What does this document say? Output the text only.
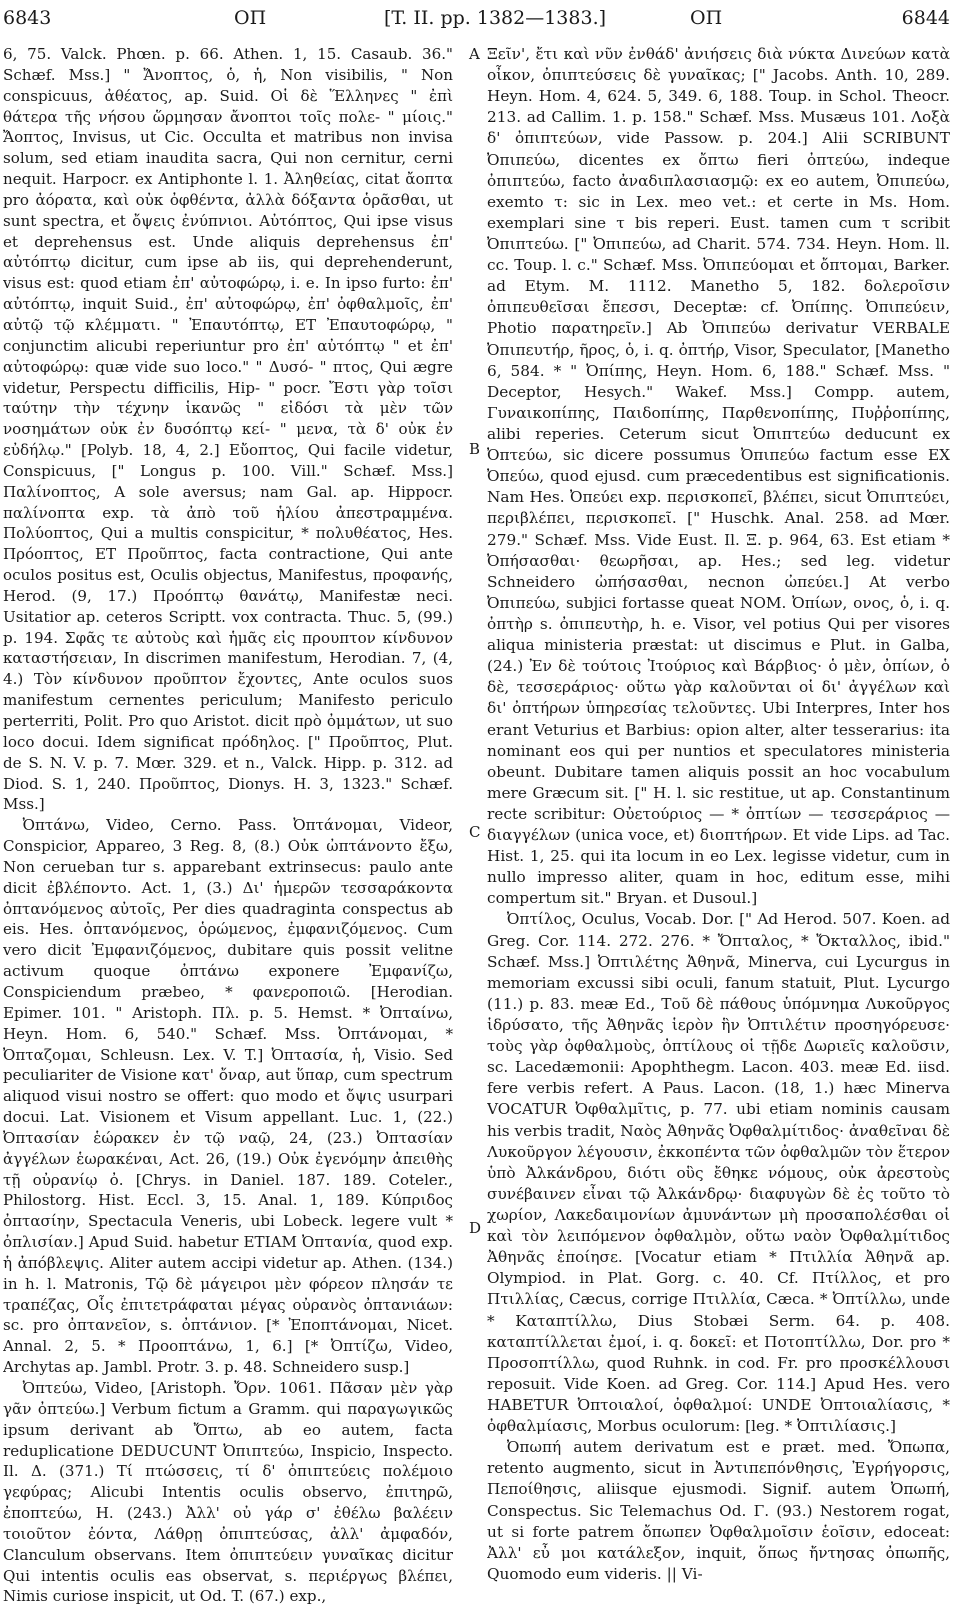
6843	ΟΠ	[T. II. pp. 1382—1383.]	ΟΠ	6844

6, 75. Valck. Phœn. p. 66. Athen. 1, 15. Casaub. 36." Schæf. Mss.] " Ἄνοπτος, ὁ, ἡ, Non visibilis, " Non conspicuus, ἀθέατος, ap. Suid. Οἱ δὲ Ἕλληνες " ἐπὶ θάτερα τῆς νήσου ὥρμησαν ἄνοπτοι τοῖς πολε- " μίοις." Ἄοπτος, Invisus, ut Cic. Occulta et matribus non invisa solum, sed etiam inaudita sacra, Qui non cernitur, cerni nequit. Harpocr. ex Antiphonte l. 1. Ἀληθείας, citat ἄοπτα pro ἀόρατα, καὶ οὐκ ὀφθέντα, ἀλλὰ δόξαντα ὁρᾶσθαι, ut sunt spectra, et ὄψεις ἐνύπνιοι. Αὐτόπτος, Qui ipse visus et deprehensus est. Unde aliquis deprehensus ἐπ' αὐτόπτῳ dicitur, cum ipse ab iis, qui deprehenderunt, visus est: quod etiam ἐπ' αὐτοφώρῳ, i. e. In ipso furto: ἐπ' αὐτόπτῳ, inquit Suid., ἐπ' αὐτοφώρῳ, ἐπ' ὀφθαλμοῖς, ἐπ' αὐτῷ τῷ κλέμματι. " Ἐπαυτόπτῳ, ET Ἐπαυτοφώρῳ, " conjunctim alicubi reperiuntur pro ἐπ' αὐτόπτῳ " et ἐπ' αὐτοφώρῳ: quæ vide suo loco." " Δυσό- " πτος, Qui ægre videtur, Perspectu difficilis, Hip- " pocr. Ἔστι γὰρ τοῖσι ταύτην τὴν τέχνην ἱκανῶς " εἰδόσι τὰ μὲν τῶν νοσημάτων οὐκ ἐν δυσόπτῳ κεί- " μενα, τὰ δ' οὐκ ἐν εὐδήλῳ." [Polyb. 18, 4, 2.] Εὔοπτος, Qui facile videtur, Conspicuus, [" Longus p. 100. Vill." Schæf. Mss.] Παλίνοπτος, A sole aversus; nam Gal. ap. Hippocr. παλίνοπτα exp. τὰ ἀπὸ τοῦ ἡλίου ἀπεστραμμένα. Πολύοπτος, Qui a multis conspicitur, * πολυθέατος, Hes. Πρόοπτος, ET Προῦπτος, facta contractione, Qui ante oculos positus est, Oculis objectus, Manifestus, προφανής, Herod. (9, 17.) Προόπτῳ θανάτῳ, Manifestæ neci. Usitatior ap. ceteros Scriptt. vox contracta. Thuc. 5, (99.) p. 194. Σφᾶς τε αὐτοὺς καὶ ἡμᾶς εἰς προυπτον κίνδυνον καταστήσειαν, In discrimen manifestum, Herodian. 7, (4, 4.) Τὸν κίνδυνον προῦπτον ἔχοντες, Ante oculos suos manifestum cernentes periculum; Manifesto periculo perterriti, Polit. Pro quo Aristot. dicit πρὸ ὀμμάτων, ut suo loco docui. Idem significat πρόδηλος. [" Προῦπτος, Plut. de S. N. V. p. 7. Mœr. 329. et n., Valck. Hipp. p. 312. ad Diod. S. 1, 240. Προῦπτος, Dionys. H. 3, 1323." Schæf. Mss.]

Ὀπτάνω, Video, Cerno. Pass. Ὀπτάνομαι, Videor, Conspicior, Appareo, 3 Reg. 8, (8.) Οὐκ ὠπτάνοντο ἔξω, Non cerueban tur s. apparebant extrinsecus: paulo ante dicit ἐβλέποντο. Act. 1, (3.) Δι' ἡμερῶν τεσσαράκοντα ὀπτανόμενος αὐτοῖς, Per dies quadraginta conspectus ab eis. Hes. ὀπτανόμενος, ὁρώμενος, ἐμφανιζόμενος. Cum vero dicit Ἐμφανιζόμενος, dubitare quis possit velitne activum quoque ὀπτάνω exponere Ἐμφανίζω, Conspiciendum præbeo, * φανεροποιῶ. [Herodian. Epimer. 101. " Aristoph. Πλ. p. 5. Hemst. * Ὀπταίνω, Heyn. Hom. 6, 540." Schæf. Mss. Ὀπτάνομαι, * Ὀπταζομαι, Schleusn. Lex. V. T.] Ὀπτασία, ἡ, Visio. Sed peculiariter de Visione κατ' ὄναρ, aut ὕπαρ, cum spectrum aliquod visui nostro se offert: quo modo et ὄψις usurpari docui. Lat. Visionem et Visum appellant. Luc. 1, (22.) Ὀπτασίαν ἑώρακεν ἐν τῷ ναῷ, 24, (23.) Ὀπτασίαν ἀγγέλων ἑωρακέναι, Act. 26, (19.) Οὐκ ἐγενόμην ἀπειθὴς τῇ οὐρανίῳ ὀ. [Chrys. in Daniel. 187. 189. Coteler., Philostorg. Hist. Eccl. 3, 15. Anal. 1, 189. Κύπριδος ὀπτασίην, Spectacula Veneris, ubi Lobeck. legere vult * ὀπλισίαν.] Apud Suid. habetur ETIAM Ὀπτανία, quod exp. ἡ ἀπόβλεψις. Aliter autem accipi videtur ap. Athen. (134.) in h. l. Matronis, Τῷ δὲ μάγειροι μὲν φόρεον πλησάν τε τραπέζας, Οἷς ἐπιτετράφαται μέγας οὐρανὸς ὀπτανιάων: sc. pro ὀπτανεῖον, s. ὀπτάνιον. [* Ἐποπτάνομαι, Nicet. Annal. 2, 5. * Προοπτάνω, 1, 6.] [* Ὀπτίζω, Video, Archytas ap. Jambl. Protr. 3. p. 48. Schneidero susp.]

Ὀπτεύω, Video, [Aristoph. Ὄρν. 1061. Πᾶσαν μὲν γὰρ γᾶν ὀπτεύω.] Verbum fictum a Gramm. qui παραγωγικῶς ipsum derivant ab Ὄπτω, ab eo autem, facta reduplicatione DEDUCUNT Ὀπιπτεύω, Inspicio, Inspecto. Il. Δ. (371.) Τί πτώσσεις, τί δ' ὀπιπτεύεις πολέμοιο γεφύρας; Alicubi Intentis oculis observo, ἐπιτηρῶ, ἐποπτεύω, H. (243.) Ἀλλ' οὐ γάρ σ' ἐθέλω βαλέειν τοιοῦτον ἐόντα, Λάθρῃ ὀπιπτεύσας, ἀλλ' ἀμφαδόν, Clanculum observans. Item ὀπιπτεύειν γυναῖκας dicitur Qui intentis oculis eas observat, s. περιέργως βλέπει, Nimis curiose inspicit, ut Od. T. (67.) exp.,

A
B
C
D

Ξεῖν', ἔτι καὶ νῦν ἐνθάδ' ἀνιήσεις διὰ νύκτα Δινεύων κατὰ οἶκον, ὀπιπτεύσεις δὲ γυναῖκας; [" Jacobs. Anth. 10, 289. Heyn. Hom. 4, 624. 5, 349. 6, 188. Toup. in Schol. Theocr. 213. ad Callim. 1. p. 158." Schæf. Mss. Musæus 101. Λοξὰ δ' ὀπιπτεύων, vide Passow. p. 204.] Alii SCRIBUNT Ὀπιπεύω, dicentes ex ὄπτω fieri ὀπτεύω, indeque ὀπιπτεύω, facto ἀναδιπλασιασμῷ: ex eo autem, Ὀπιπεύω, exemto τ: sic in Lex. meo vet.: et certe in Ms. Hom. exemplari sine τ bis reperi. Eust. tamen cum τ scribit Ὀπιπτεύω. [" Ὀπιπεύω, ad Charit. 574. 734. Heyn. Hom. ll. cc. Toup. l. c." Schæf. Mss. Ὀπιπεύομαι et ὄπτομαι, Barker. ad Etym. M. 1112. Manetho 5, 182. δολεροῖσιν ὀπιπευθεῖσαι ἔπεσσι, Deceptæ: cf. Ὀπίπης. Ὀπιπεύειν, Photio παρατηρεῖν.] Ab Ὀπιπεύω derivatur VERBALE Ὀπιπευτήρ, ῆρος, ὁ, i. q. ὀπτήρ, Visor, Speculator, [Manetho 6, 584. * " Ὀπίπης, Heyn. Hom. 6, 188." Schæf. Mss. " Deceptor, Hesych." Wakef. Mss.] Compp. autem, Γυναικοπίπης, Παιδοπίπης, Παρθενοπίπης, Πυῤῥοπίπης, alibi reperies. Ceterum sicut Ὀπιπτεύω deducunt ex Ὀπτεύω, sic dicere possumus Ὀπιπεύω factum esse EX Ὀπεύω, quod ejusd. cum præcedentibus est significationis. Nam Hes. Ὀπεύει exp. περισκοπεῖ, βλέπει, sicut Ὀπιπτεύει, περιβλέπει, περισκοπεῖ. [" Huschk. Anal. 258. ad Mœr. 279." Schæf. Mss. Vide Eust. Il. Ξ. p. 964, 63. Est etiam * Ὀπήσασθαι· θεωρῆσαι, ap. Hes.; sed leg. videtur Schneidero ὠπήσασθαι, necnon ὠπεύει.] At verbo Ὀπιπεύω, subjici fortasse queat NOM. Ὀπίων, ονος, ὁ, i. q. ὀπτὴρ s. ὀπιπευτὴρ, h. e. Visor, vel potius Qui per visores aliqua ministeria præstat: ut discimus e Plut. in Galba, (24.) Ἐν δὲ τούτοις Ἰτούριος καὶ Βάρβιος· ὁ μὲν, ὀπίων, ὁ δὲ, τεσσεράριος· οὕτω γὰρ καλοῦνται οἱ δι' ἀγγέλων καὶ δι' ὀπτήρων ὑπηρεσίας τελοῦντες. Ubi Interpres, Inter hos erant Veturius et Barbius: opion alter, alter tesserarius: ita nominant eos qui per nuntios et speculatores ministeria obeunt. Dubitare tamen aliquis possit an hoc vocabulum mere Græcum sit. [" H. l. sic restitue, ut ap. Constantinum recte scribitur: Οὐετούριος — * ὀπτίων — τεσσεράριος — διαγγέλων (unica voce, et) διοπτήρων. Et vide Lips. ad Tac. Hist. 1, 25. qui ita locum in eo Lex. legisse videtur, cum in nullo impresso aliter, quam in hoc, editum esse, mihi compertum sit." Bryan. et Dusoul.]

Ὀπτίλος, Oculus, Vocab. Dor. [" Ad Herod. 507. Koen. ad Greg. Cor. 114. 272. 276. * Ὄπταλος, * Ὄκταλλος, ibid." Schæf. Mss.] Ὀπτιλέτης Ἀθηνᾶ, Minerva, cui Lycurgus in memoriam excussi sibi oculi, fanum statuit, Plut. Lycurgo (11.) p. 83. meæ Ed., Τοῦ δὲ πάθους ὑπόμνημα Λυκοῦργος ἱδρύσατο, τῆς Ἀθηνᾶς ἱερὸν ἣν Ὀπτιλέτιν προσηγόρευσε· τοὺς γὰρ ὀφθαλμοὺς, ὀπτίλους οἱ τῇδε Δωριεῖς καλοῦσιν, sc. Lacedæmonii: Apophthegm. Lacon. 403. meæ Ed. iisd. fere verbis refert. A Paus. Lacon. (18, 1.) hæc Minerva VOCATUR Ὀφθαλμῖτις, p. 77. ubi etiam nominis causam his verbis tradit, Ναὸς Ἀθηνᾶς Ὀφθαλμίτιδος· ἀναθεῖναι δὲ Λυκοῦργον λέγουσιν, ἐκκοπέντα τῶν ὀφθαλμῶν τὸν ἕτερον ὑπὸ Ἀλκάνδρου, διότι οὓς ἔθηκε νόμους, οὐκ ἀρεστοὺς συνέβαινεν εἶναι τῷ Ἀλκάνδρῳ· διαφυγὼν δὲ ἐς τοῦτο τὸ χωρίον, Λακεδαιμονίων ἀμυνάντων μὴ προσαπολέσθαι οἱ καὶ τὸν λειπόμενον ὀφθαλμὸν, οὕτω ναὸν Ὀφθαλμίτιδος Ἀθηνᾶς ἐποίησε. [Vocatur etiam * Πτιλλία Ἀθηνᾶ ap. Olympiod. in Plat. Gorg. c. 40. Cf. Πτίλλος, et pro Πτιλλίας, Cæcus, corrige Πτιλλία, Cæca. * Ὀπτίλλω, unde * Καταπτίλλω, Dius Stobæi Serm. 64. p. 408. καταπτίλλεται ἐμοί, i. q. δοκεῖ: et Ποτοπτίλλω, Dor. pro * Προσοπτίλλω, quod Ruhnk. in cod. Fr. pro προσκέλλουσι reposuit. Vide Koen. ad Greg. Cor. 114.] Apud Hes. vero HABETUR Ὀπτοιαλοί, ὀφθαλμοί: UNDE Ὀπτοιαλίασις, * ὀφθαλμίασις, Morbus oculorum: [leg. * Ὀπτιλίασις.]

Ὀπωπή autem derivatum est e præt. med. Ὄπωπα, retento augmento, sicut in Ἀντιπεπόνθησις, Ἐγρήγορσις, Πεποίθησις, aliisque ejusmodi. Signif. autem Ὀπωπή, Conspectus. Sic Telemachus Od. Γ. (93.) Nestorem rogat, ut si forte patrem ὄπωπεν Ὀφθαλμοῖσιν ἑοῖσιν, edoceat: Ἀλλ' εὖ μοι κατάλεξον, inquit, ὅπως ἤντησας ὀπωπῆς, Quomodo eum videris. || Vi-
